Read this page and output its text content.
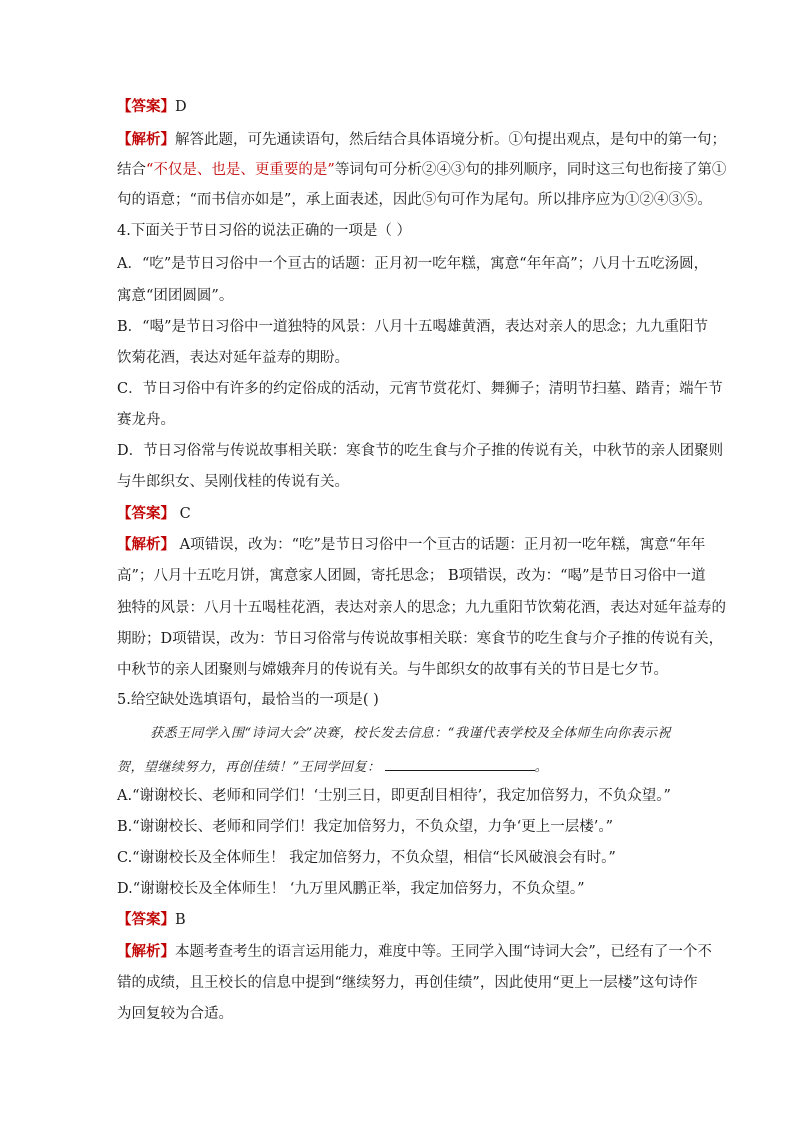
【答案】D
【解析】解答此题，可先通读语句，然后结合具体语境分析。①句提出观点，是句中的第一句；
结合“不仅是、也是、更重要的是”等词句可分析②④③句的排列顺序，同时这三句也衔接了第①
句的语意；“而书信亦如是”，承上面表述，因此⑤句可作为尾句。所以排序应为①②④③⑤。
4.下面关于节日习俗的说法正确的一项是（ ）
A．“吃”是节日习俗中一个亘古的话题：正月初一吃年糕，寓意“年年高”；八月十五吃汤圆，
寓意“团团圆圆”。
B．“喝”是节日习俗中一道独特的风景：八月十五喝雄黄酒，表达对亲人的思念；九九重阳节
饮菊花酒，表达对延年益寿的期盼。
C．节日习俗中有许多的约定俗成的活动，元宵节赏花灯、舞狮子；清明节扫墓、踏青；端午节
赛龙舟。
D．节日习俗常与传说故事相关联：寒食节的吃生食与介子推的传说有关，中秋节的亲人团聚则
与牛郎织女、吴刚伐桂的传说有关。
【答案】 C
【解析】 A项错误，改为：“吃”是节日习俗中一个亘古的话题：正月初一吃年糕，寓意“年年
高”；八月十五吃月饼，寓意家人团圆，寄托思念； B项错误，改为：“喝”是节日习俗中一道
独特的风景：八月十五喝桂花酒，表达对亲人的思念；九九重阳节饮菊花酒，表达对延年益寿的
期盼；D项错误，改为：节日习俗常与传说故事相关联：寒食节的吃生食与介子推的传说有关，
中秋节的亲人团聚则与嫦娥奔月的传说有关。与牛郎织女的故事有关的节日是七夕节。
5.给空缺处选填语句，最恰当的一项是( )
获悉王同学入围“诗词大会”决赛，校长发去信息：“我谨代表学校及全体师生向你表示祝
贺，望继续努力，再创佳绩！”王同学回复：	。
A.“谢谢校长、老师和同学们！‘士别三日，即更刮目相待’，我定加倍努力，不负众望。”
B.“谢谢校长、老师和同学们！我定加倍努力，不负众望，力争‘更上一层楼’。”
C.“谢谢校长及全体师生！ 我定加倍努力，不负众望，相信“长风破浪会有时。”
D.“谢谢校长及全体师生！ ‘九万里风鹏正举，我定加倍努力，不负众望。”
【答案】B
【解析】本题考查考生的语言运用能力，难度中等。王同学入围“诗词大会”，已经有了一个不
错的成绩，且王校长的信息中提到“继续努力，再创佳绩”，因此使用“更上一层楼”这句诗作
为回复较为合适。
